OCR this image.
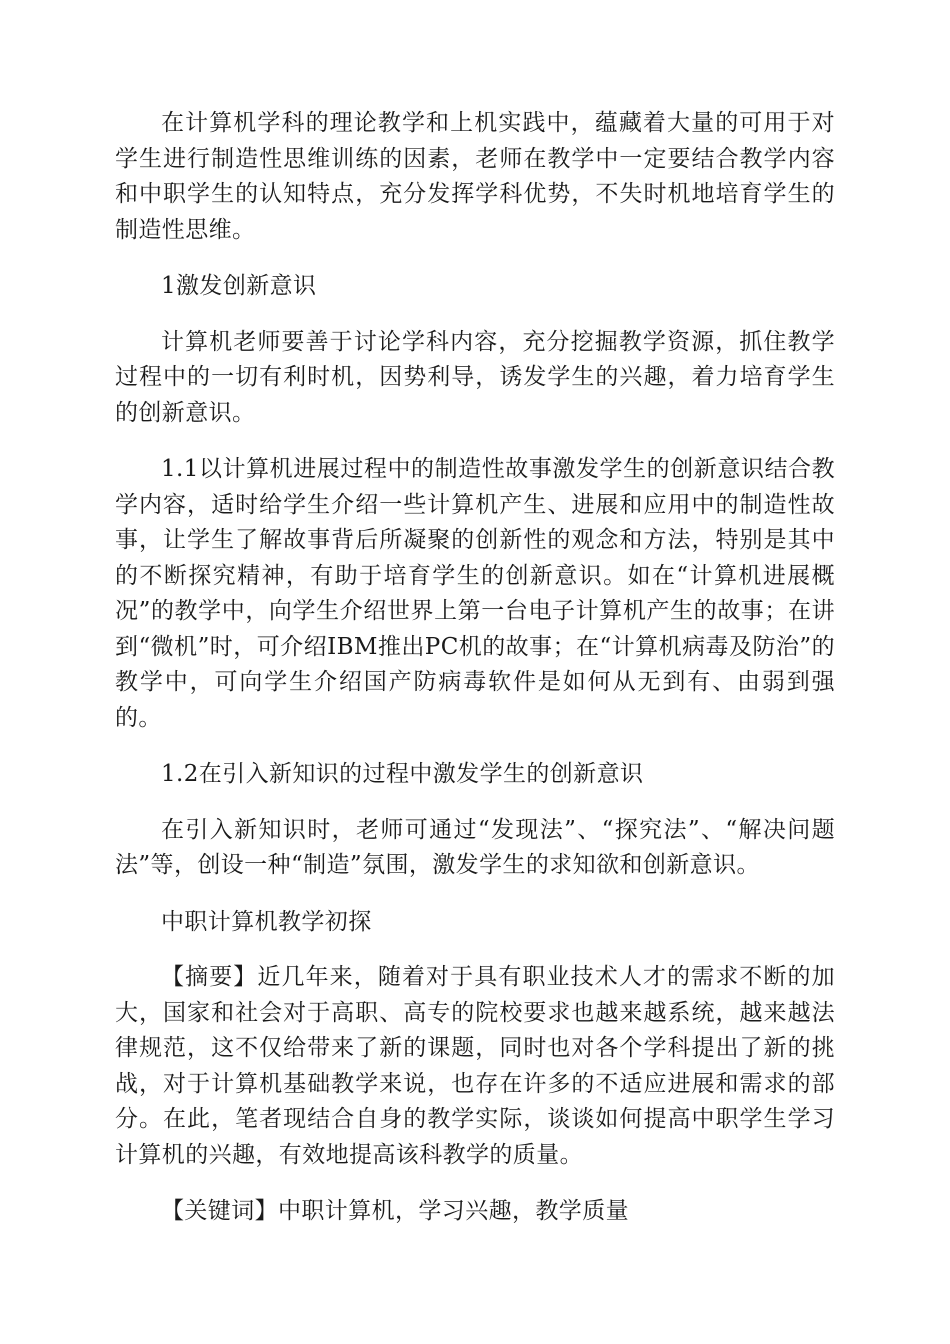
在计算机学科的理论教学和上机实践中，蕴藏着大量的可用于对学生进行制造性思维训练的因素，老师在教学中一定要结合教学内容和中职学生的认知特点，充分发挥学科优势，不失时机地培育学生的制造性思维。

1激发创新意识

计算机老师要善于讨论学科内容，充分挖掘教学资源，抓住教学过程中的一切有利时机，因势利导，诱发学生的兴趣，着力培育学生的创新意识。

1.1以计算机进展过程中的制造性故事激发学生的创新意识结合教学内容，适时给学生介绍一些计算机产生、进展和应用中的制造性故事，让学生了解故事背后所凝聚的创新性的观念和方法，特别是其中的不断探究精神，有助于培育学生的创新意识。如在“计算机进展概况”的教学中，向学生介绍世界上第一台电子计算机产生的故事；在讲到“微机”时，可介绍IBM推出PC机的故事；在“计算机病毒及防治”的教学中，可向学生介绍国产防病毒软件是如何从无到有、由弱到强的。

1.2在引入新知识的过程中激发学生的创新意识

在引入新知识时，老师可通过“发现法”、“探究法”、“解决问题法”等，创设一种“制造”氛围，激发学生的求知欲和创新意识。

中职计算机教学初探

【摘要】近几年来，随着对于具有职业技术人才的需求不断的加大，国家和社会对于高职、高专的院校要求也越来越系统，越来越法律规范，这不仅给带来了新的课题，同时也对各个学科提出了新的挑战，对于计算机基础教学来说，也存在许多的不适应进展和需求的部分。在此，笔者现结合自身的教学实际，谈谈如何提高中职学生学习计算机的兴趣，有效地提高该科教学的质量。

【关键词】中职计算机，学习兴趣，教学质量
